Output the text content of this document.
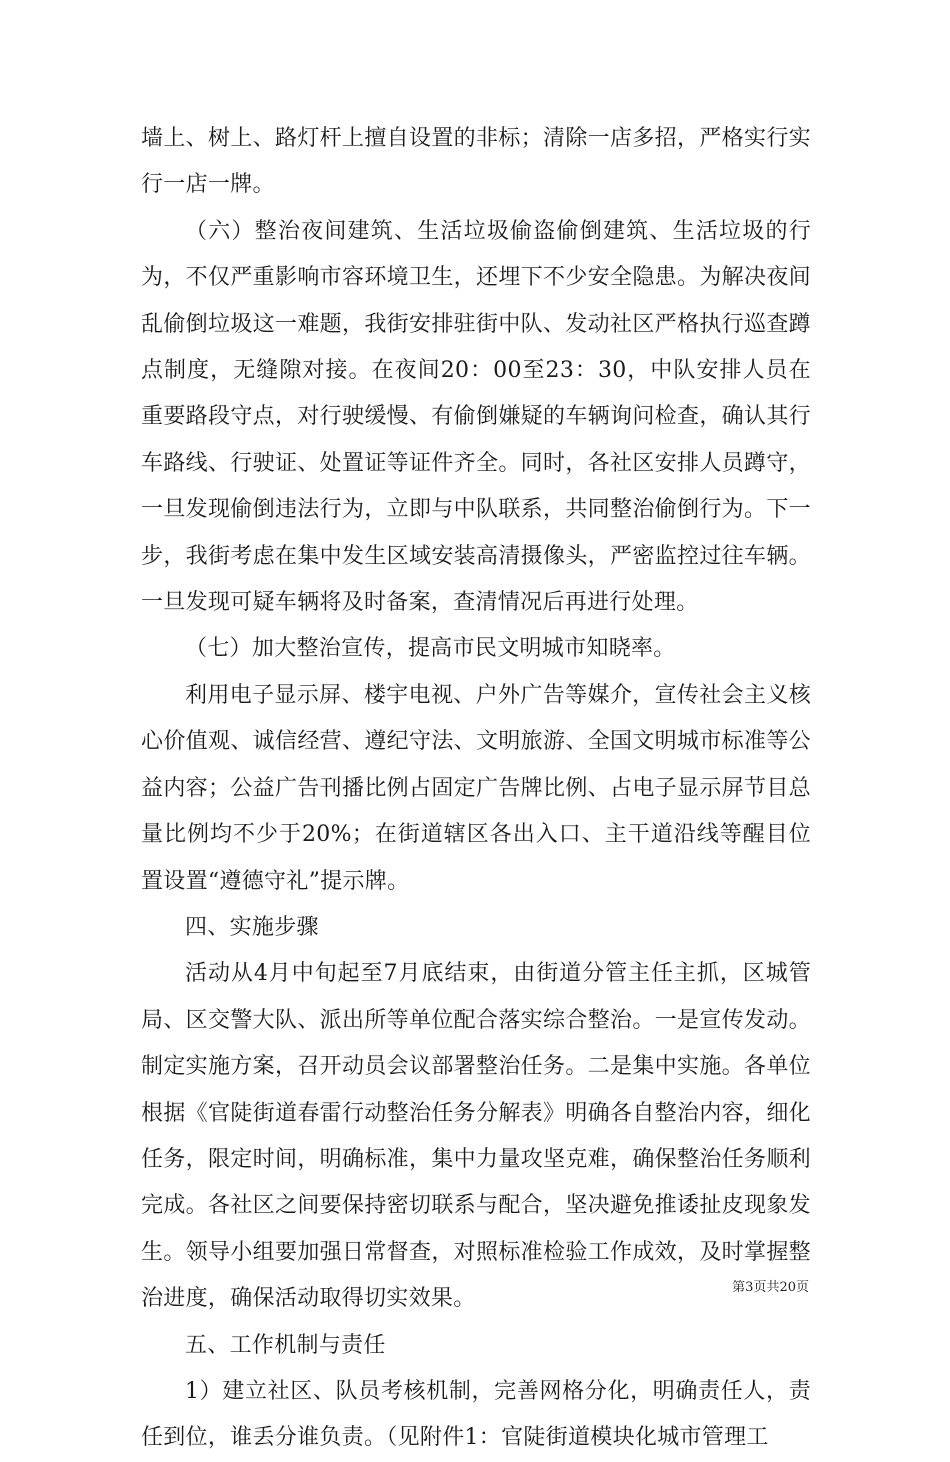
墙上、树上、路灯杆上擅自设置的非标；清除一店多招，严格实行实行一店一牌。

（六）整治夜间建筑、生活垃圾偷盗偷倒建筑、生活垃圾的行为，不仅严重影响市容环境卫生，还埋下不少安全隐患。为解决夜间乱偷倒垃圾这一难题，我街安排驻街中队、发动社区严格执行巡查蹲点制度，无缝隙对接。在夜间20：00至23：30，中队安排人员在重要路段守点，对行驶缓慢、有偷倒嫌疑的车辆询问检查，确认其行车路线、行驶证、处置证等证件齐全。同时，各社区安排人员蹲守，一旦发现偷倒违法行为，立即与中队联系，共同整治偷倒行为。下一步，我街考虑在集中发生区域安装高清摄像头，严密监控过往车辆。一旦发现可疑车辆将及时备案，查清情况后再进行处理。

（七）加大整治宣传，提高市民文明城市知晓率。

利用电子显示屏、楼宇电视、户外广告等媒介，宣传社会主义核心价值观、诚信经营、遵纪守法、文明旅游、全国文明城市标准等公益内容；公益广告刊播比例占固定广告牌比例、占电子显示屏节目总量比例均不少于20%；在街道辖区各出入口、主干道沿线等醒目位置设置“遵德守礼”提示牌。

四、实施步骤

活动从4月中旬起至7月底结束，由街道分管主任主抓，区城管局、区交警大队、派出所等单位配合落实综合整治。一是宣传发动。制定实施方案，召开动员会议部署整治任务。二是集中实施。各单位根据《官陡街道春雷行动整治任务分解表》明确各自整治内容，细化任务，限定时间，明确标准，集中力量攻坚克难，确保整治任务顺利完成。各社区之间要保持密切联系与配合，坚决避免推诿扯皮现象发生。领导小组要加强日常督查，对照标准检验工作成效，及时掌握整治进度，确保活动取得切实效果。

五、工作机制与责任

1）建立社区、队员考核机制，完善网格分化，明确责任人，责任到位，谁丢分谁负责。（见附件1：官陡街道模块化城市管理工

第3页共20页
